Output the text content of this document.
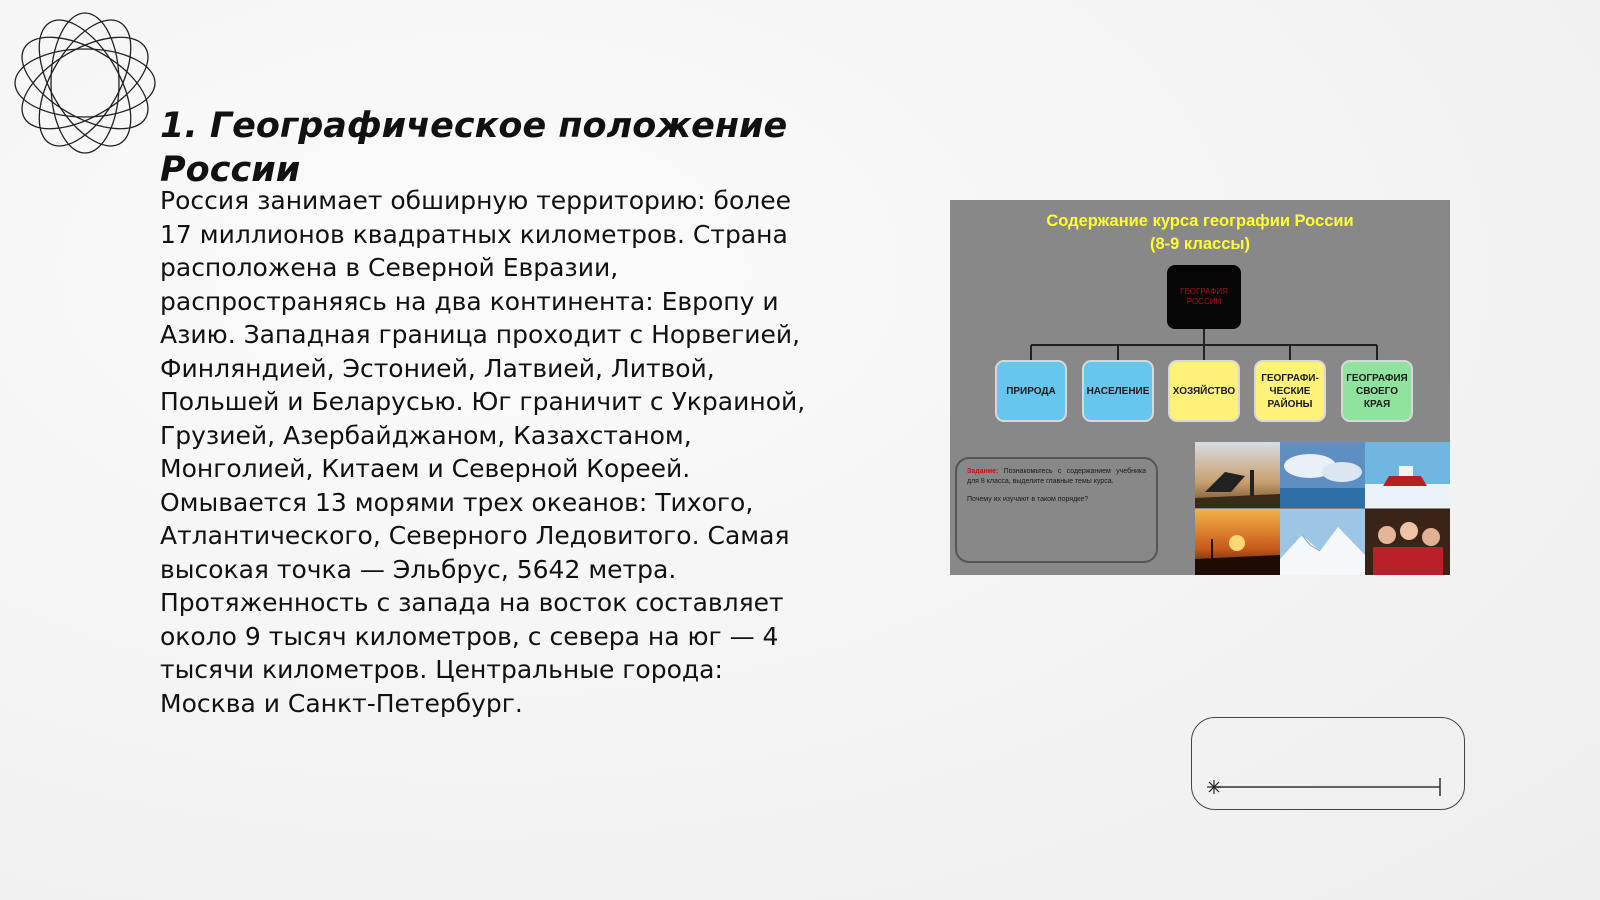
1. Географическое положение России

Россия занимает обширную территорию: более
17 миллионов квадратных километров. Страна
расположена в Северной Евразии,
распространяясь на два континента: Европу и
Азию. Западная граница проходит с Норвегией,
Финляндией, Эстонией, Латвией, Литвой,
Польшей и Беларусью. Юг граничит с Украиной,
Грузией, Азербайджаном, Казахстаном,
Монголией, Китаем и Северной Кореей.
Омывается 13 морями трех океанов: Тихого,
Атлантического, Северного Ледовитого. Самая
высокая точка — Эльбрус, 5642 метра.
Протяженность с запада на восток составляет
около 9 тысяч километров, с севера на юг — 4
тысячи километров. Центральные города:
Москва и Санкт-Петербург.

Содержание курса географии России
(8-9 классы)
ГЕОГРАФИЯ РОССИИ
ПРИРОДА	НАСЕЛЕНИЕ ХОЗЯЙСТВО
ГЕОГРАФИ-
ЧЕСКИЕ
РАЙОНЫ
ГЕОГРАФИЯ
СВОЕГО
КРАЯ
Задание: Познакомьтесь с содержанием учебника для 8 класса, выделите главные темы курса.
Почему их изучают в таком порядке?
